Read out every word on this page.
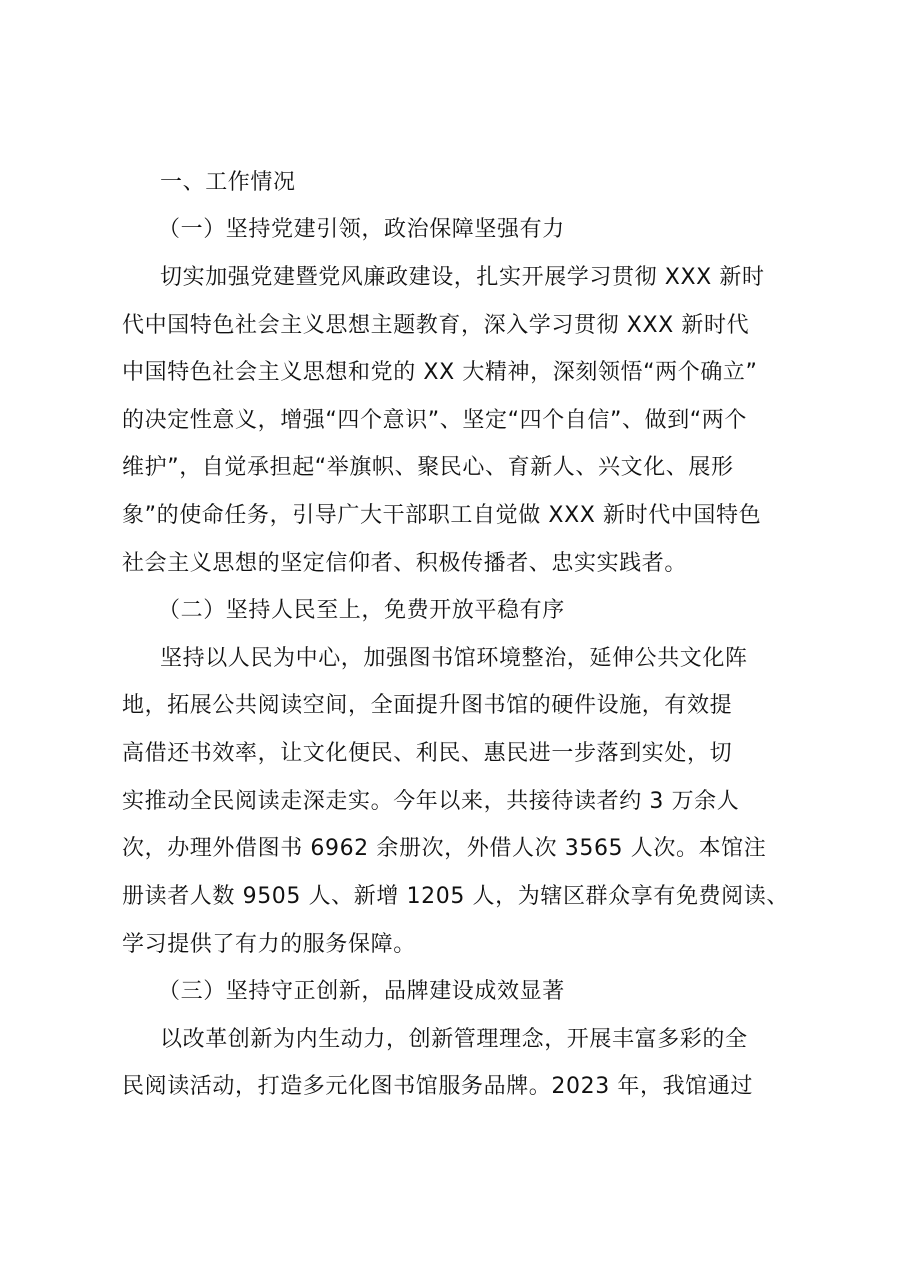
一、工作情况
（一）坚持党建引领，政治保障坚强有力
切实加强党建暨党风廉政建设，扎实开展学习贯彻 XXX 新时
代中国特色社会主义思想主题教育，深入学习贯彻 XXX 新时代
中国特色社会主义思想和党的 XX 大精神，深刻领悟“两个确立”
的决定性意义，增强“四个意识”、坚定“四个自信”、做到“两个
维护”，自觉承担起“举旗帜、聚民心、育新人、兴文化、展形
象”的使命任务，引导广大干部职工自觉做 XXX 新时代中国特色
社会主义思想的坚定信仰者、积极传播者、忠实实践者。
（二）坚持人民至上，免费开放平稳有序
坚持以人民为中心，加强图书馆环境整治，延伸公共文化阵
地，拓展公共阅读空间，全面提升图书馆的硬件设施，有效提
高借还书效率，让文化便民、利民、惠民进一步落到实处，切
实推动全民阅读走深走实。今年以来，共接待读者约 3 万余人
次，办理外借图书 6962 余册次，外借人次 3565 人次。本馆注
册读者人数 9505 人、新增 1205 人，为辖区群众享有免费阅读、
学习提供了有力的服务保障。
（三）坚持守正创新，品牌建设成效显著
以改革创新为内生动力，创新管理理念，开展丰富多彩的全
民阅读活动，打造多元化图书馆服务品牌。2023 年，我馆通过
